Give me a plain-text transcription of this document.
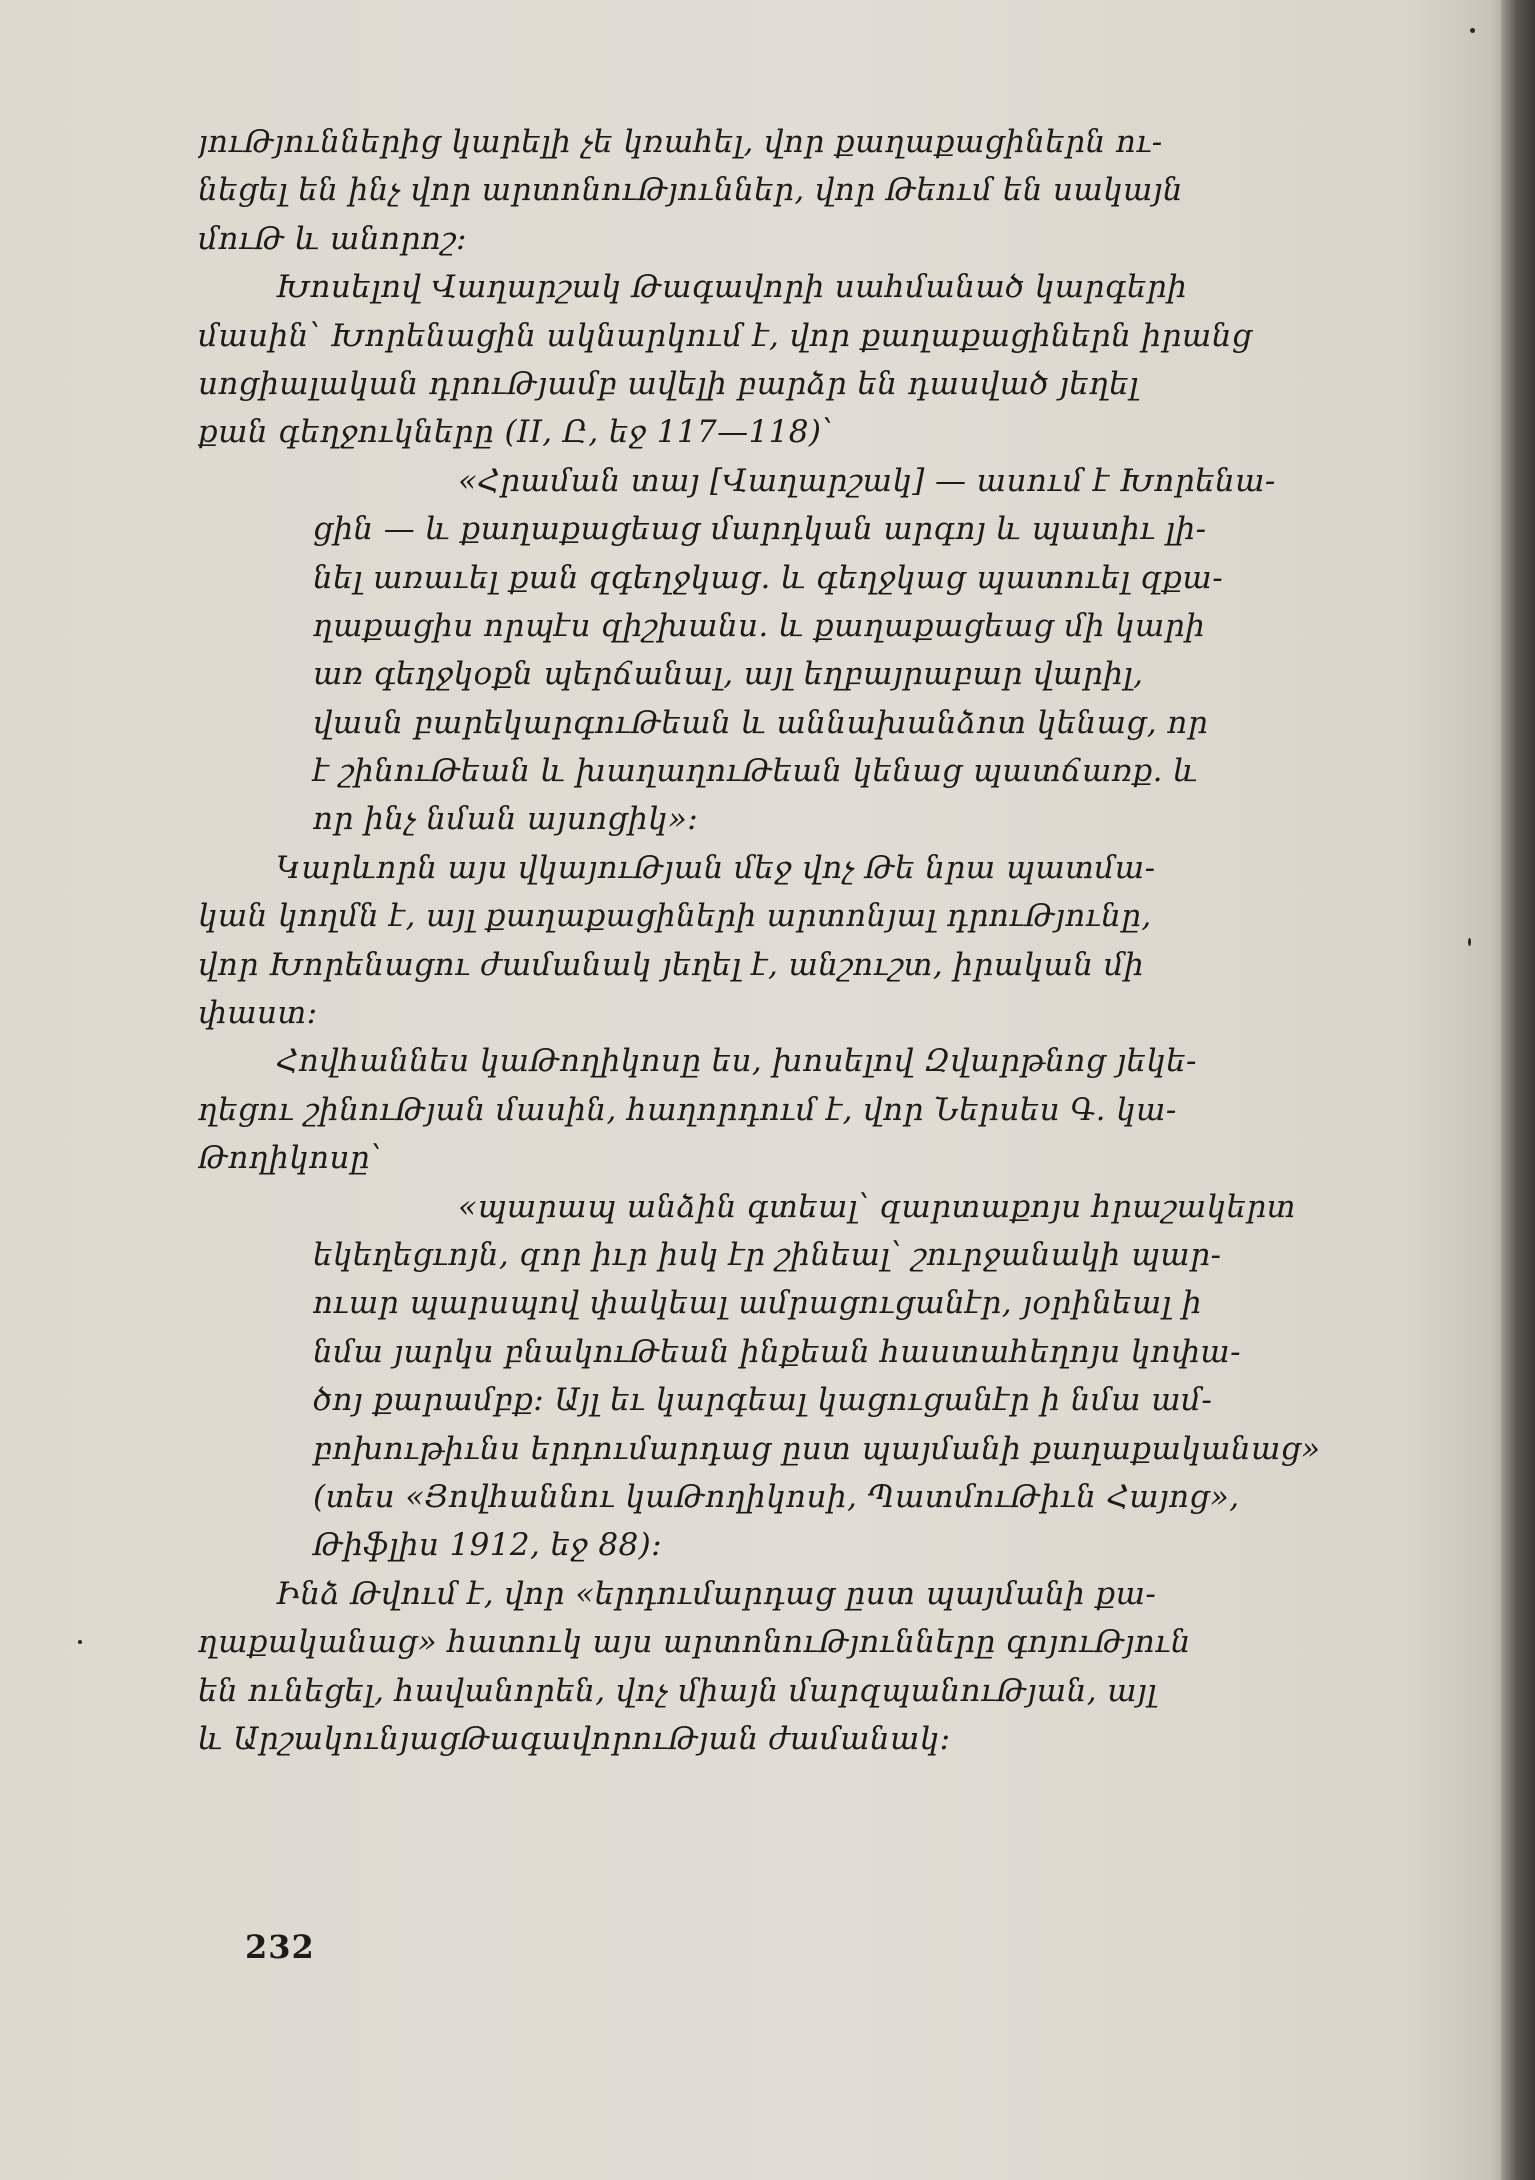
յուԹյուններից կարելի չե կռահել, վոր քաղաքացիներն ու-
նեցել են ինչ վոր արտոնուԹյուններ, վոր Թեում են սակայն
մուԹ և անորոշ։
Խոսելով Վաղարշակ Թագավորի սահմանած կարգերի
մասին՝ Խորենացին ակնարկում է, վոր քաղաքացիներն իրանց
սոցիալական դրուԹյամբ ավելի բարձր են դասված յեղել
քան գեղջուկները (II, Ը, եջ 117—118)՝
«Հրաման տայ [Վաղարշակ] — ասում է Խորենա-
ցին — և քաղաքացեաց մարդկան արգոյ և պատիւ լի-
նել առաւել քան զգեղջկաց. և գեղջկաց պատուել զքա-
ղաքացիս որպէս զիշխանս. և քաղաքացեաց մի կարի
առ գեղջկօքն պերճանալ, այլ եղբայրաբար վարիլ,
վասն բարեկարգուԹեան և աննախանձոտ կենաց, որ
է շինուԹեան և խաղաղուԹեան կենաց պատճառք. և
որ ինչ նման այսոցիկ»։
Կարևորն այս վկայուԹյան մեջ վոչ Թե նրա պատմա-
կան կողմն է, այլ քաղաքացիների արտոնյալ դրուԹյունը,
վոր Խորենացու ժամանակ յեղել է, անշուշտ, իրական մի
փաստ։
Հովհաննես կաԹողիկոսը ես, խոսելով Զվարթնոց յեկե-
ղեցու շինուԹյան մասին, հաղորդում է, վոր Ներսես Գ. կա-
Թողիկոսը՝
«պարապ անձին գտեալ՝ զարտաքոյս հրաշակերտ
եկեղեցւոյն, զոր իւր իսկ էր շինեալ՝ շուրջանակի պար-
ուար պարսպով փակեալ ամրացուցանէր, յօրինեալ ի
նմա յարկս բնակուԹեան ինքեան հաստահեղոյս կոփա-
ծոյ քարամբք։ Այլ եւ կարգեալ կացուցանէր ի նմա ամ-
բոխութիւնս երդումարդաց ըստ պայմանի քաղաքականաց»
(տես «Յովհաննու կաԹողիկոսի, ՊատմուԹիւն Հայոց»,
Թիֆլիս 1912, եջ 88)։
Ինձ Թվում է, վոր «երդումարդաց ըստ պայմանի քա-
ղաքականաց» հատուկ այս արտոնուԹյունները գոյուԹյուն
են ունեցել, հավանորեն, վոչ միայն մարզպանուԹյան, այլ
և ԱրշակունյացԹագավորուԹյան ժամանակ։
232
